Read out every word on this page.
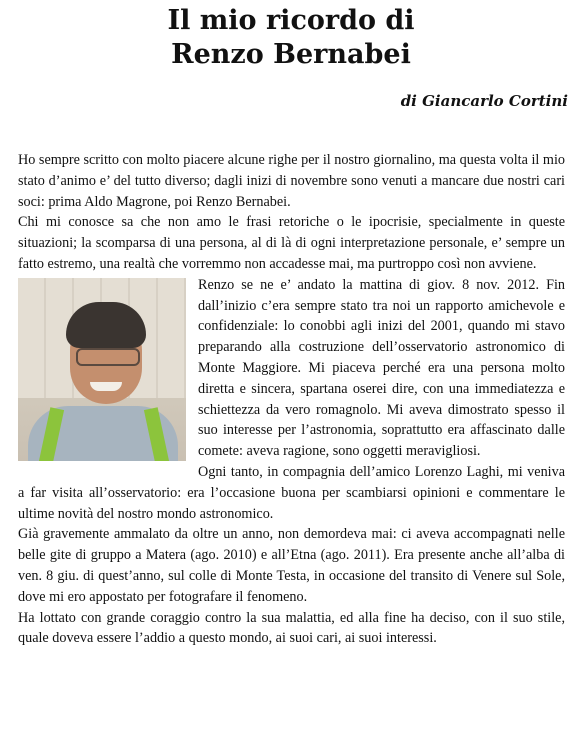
Il mio ricordo di
Renzo Bernabei
di Giancarlo Cortini

Ho sempre scritto con molto piacere alcune righe per il nostro giornalino, ma questa volta il mio stato d’animo e’ del tutto diverso; dagli inizi di novembre sono venuti a mancare due nostri cari soci: prima Aldo Magrone, poi Renzo Bernabei.

Chi mi conosce sa che non amo le frasi retoriche o le ipocrisie, specialmente in queste situazioni; la scomparsa di una persona, al di là di ogni interpretazione personale, e’ sempre un fatto estremo, una realtà che vorremmo non accadesse mai, ma purtroppo così non avviene.

Renzo se ne e’ andato la mattina di giov. 8 nov. 2012. Fin dall’inizio c’era sempre stato tra noi un rapporto amichevole e confidenziale: lo conobbi agli inizi del 2001, quando mi stavo preparando alla costruzione dell’osservatorio astronomico di Monte Maggiore. Mi piaceva perché era una persona molto diretta e sincera, spartana oserei dire, con una immediatezza e schiettezza da vero romagnolo. Mi aveva dimostrato spesso il suo interesse per l’astronomia, soprattutto era affascinato dalle comete: aveva ragione, sono oggetti meravigliosi.

Ogni tanto, in compagnia dell’amico Lorenzo Laghi, mi veniva a far visita all’osservatorio: era l’occasione buona per scambiarsi opinioni e commentare le ultime novità del nostro mondo astronomico.

Già gravemente ammalato da oltre un anno, non demordeva mai: ci aveva accompagnati nelle belle gite di gruppo a Matera (ago. 2010) e all’Etna (ago. 2011). Era presente anche all’alba di ven. 8 giu. di quest’anno, sul colle di Monte Testa, in occasione del transito di Venere sul Sole, dove mi ero appostato per fotografare il fenomeno.

Ha lottato con grande coraggio contro la sua malattia, ed alla fine ha deciso, con il suo stile, quale doveva essere l’addio a questo mondo, ai suoi cari, ai suoi interessi.
